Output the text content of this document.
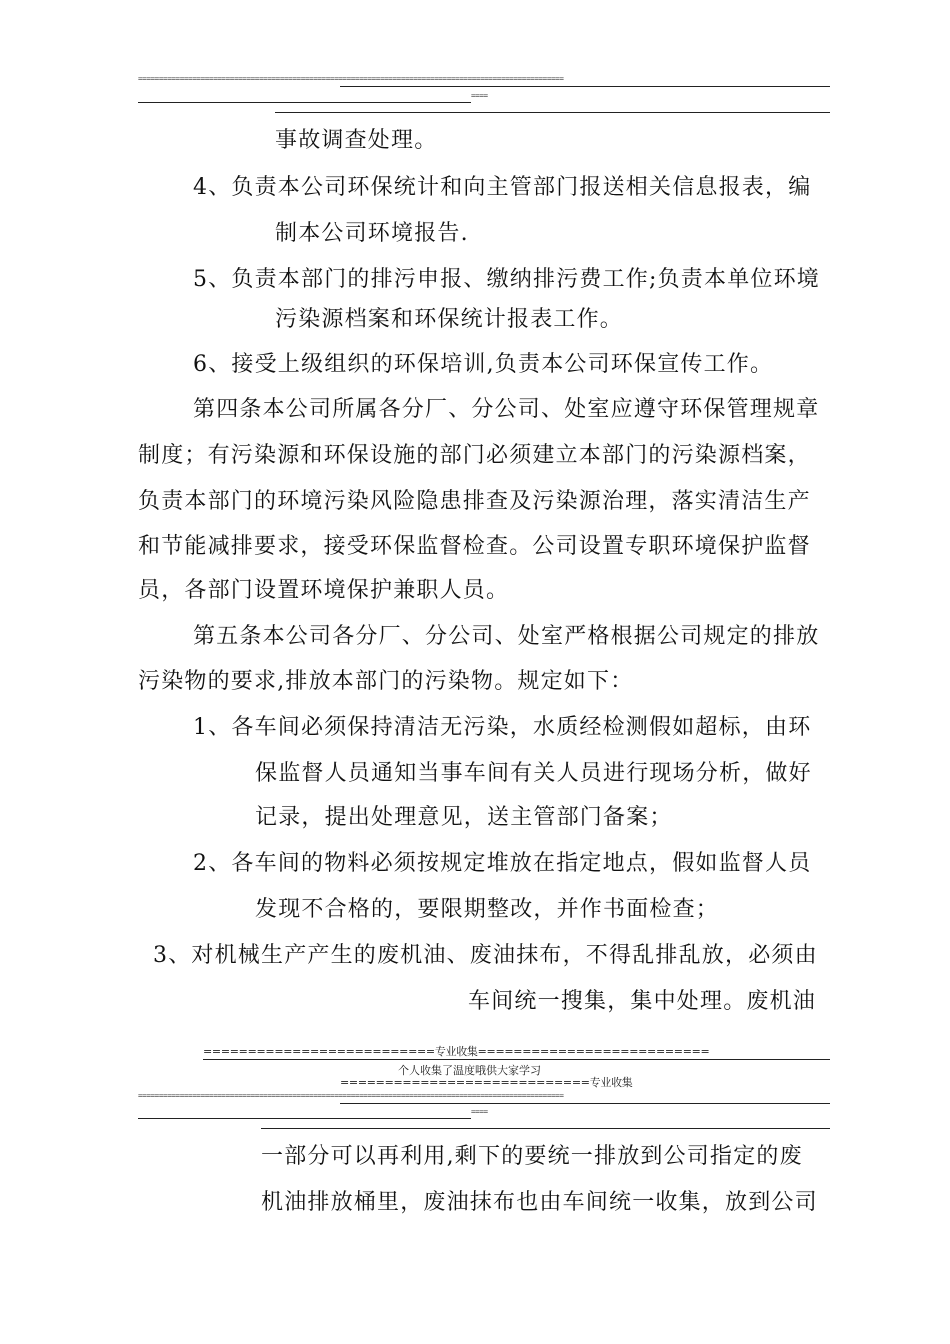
======================================================================================================
====
事故调查处理。
4、负责本公司环保统计和向主管部门报送相关信息报表，编
制本公司环境报告.
5、负责本部门的排污申报、缴纳排污费工作;负责本单位环境
污染源档案和环保统计报表工作。
6、接受上级组织的环保培训,负责本公司环保宣传工作。
第四条本公司所属各分厂、分公司、处室应遵守环保管理规章
制度；有污染源和环保设施的部门必须建立本部门的污染源档案，
负责本部门的环境污染风险隐患排查及污染源治理，落实清洁生产
和节能减排要求，接受环保监督检查。公司设置专职环境保护监督
员，各部门设置环境保护兼职人员。
第五条本公司各分厂、分公司、处室严格根据公司规定的排放
污染物的要求,排放本部门的污染物。规定如下：
1、各车间必须保持清洁无污染，水质经检测假如超标，由环
保监督人员通知当事车间有关人员进行现场分析，做好
记录，提出处理意见，送主管部门备案；
2、各车间的物料必须按规定堆放在指定地点，假如监督人员
发现不合格的，要限期整改，并作书面检查；
3、对机械生产产生的废机油、废油抹布，不得乱排乱放，必须由
车间统一搜集，集中处理。废机油
==========================专业收集==========================
个人收集了温度哦供大家学习
============================专业收集
======================================================================================================
====
一部分可以再利用,剩下的要统一排放到公司指定的废
机油排放桶里，废油抹布也由车间统一收集，放到公司
